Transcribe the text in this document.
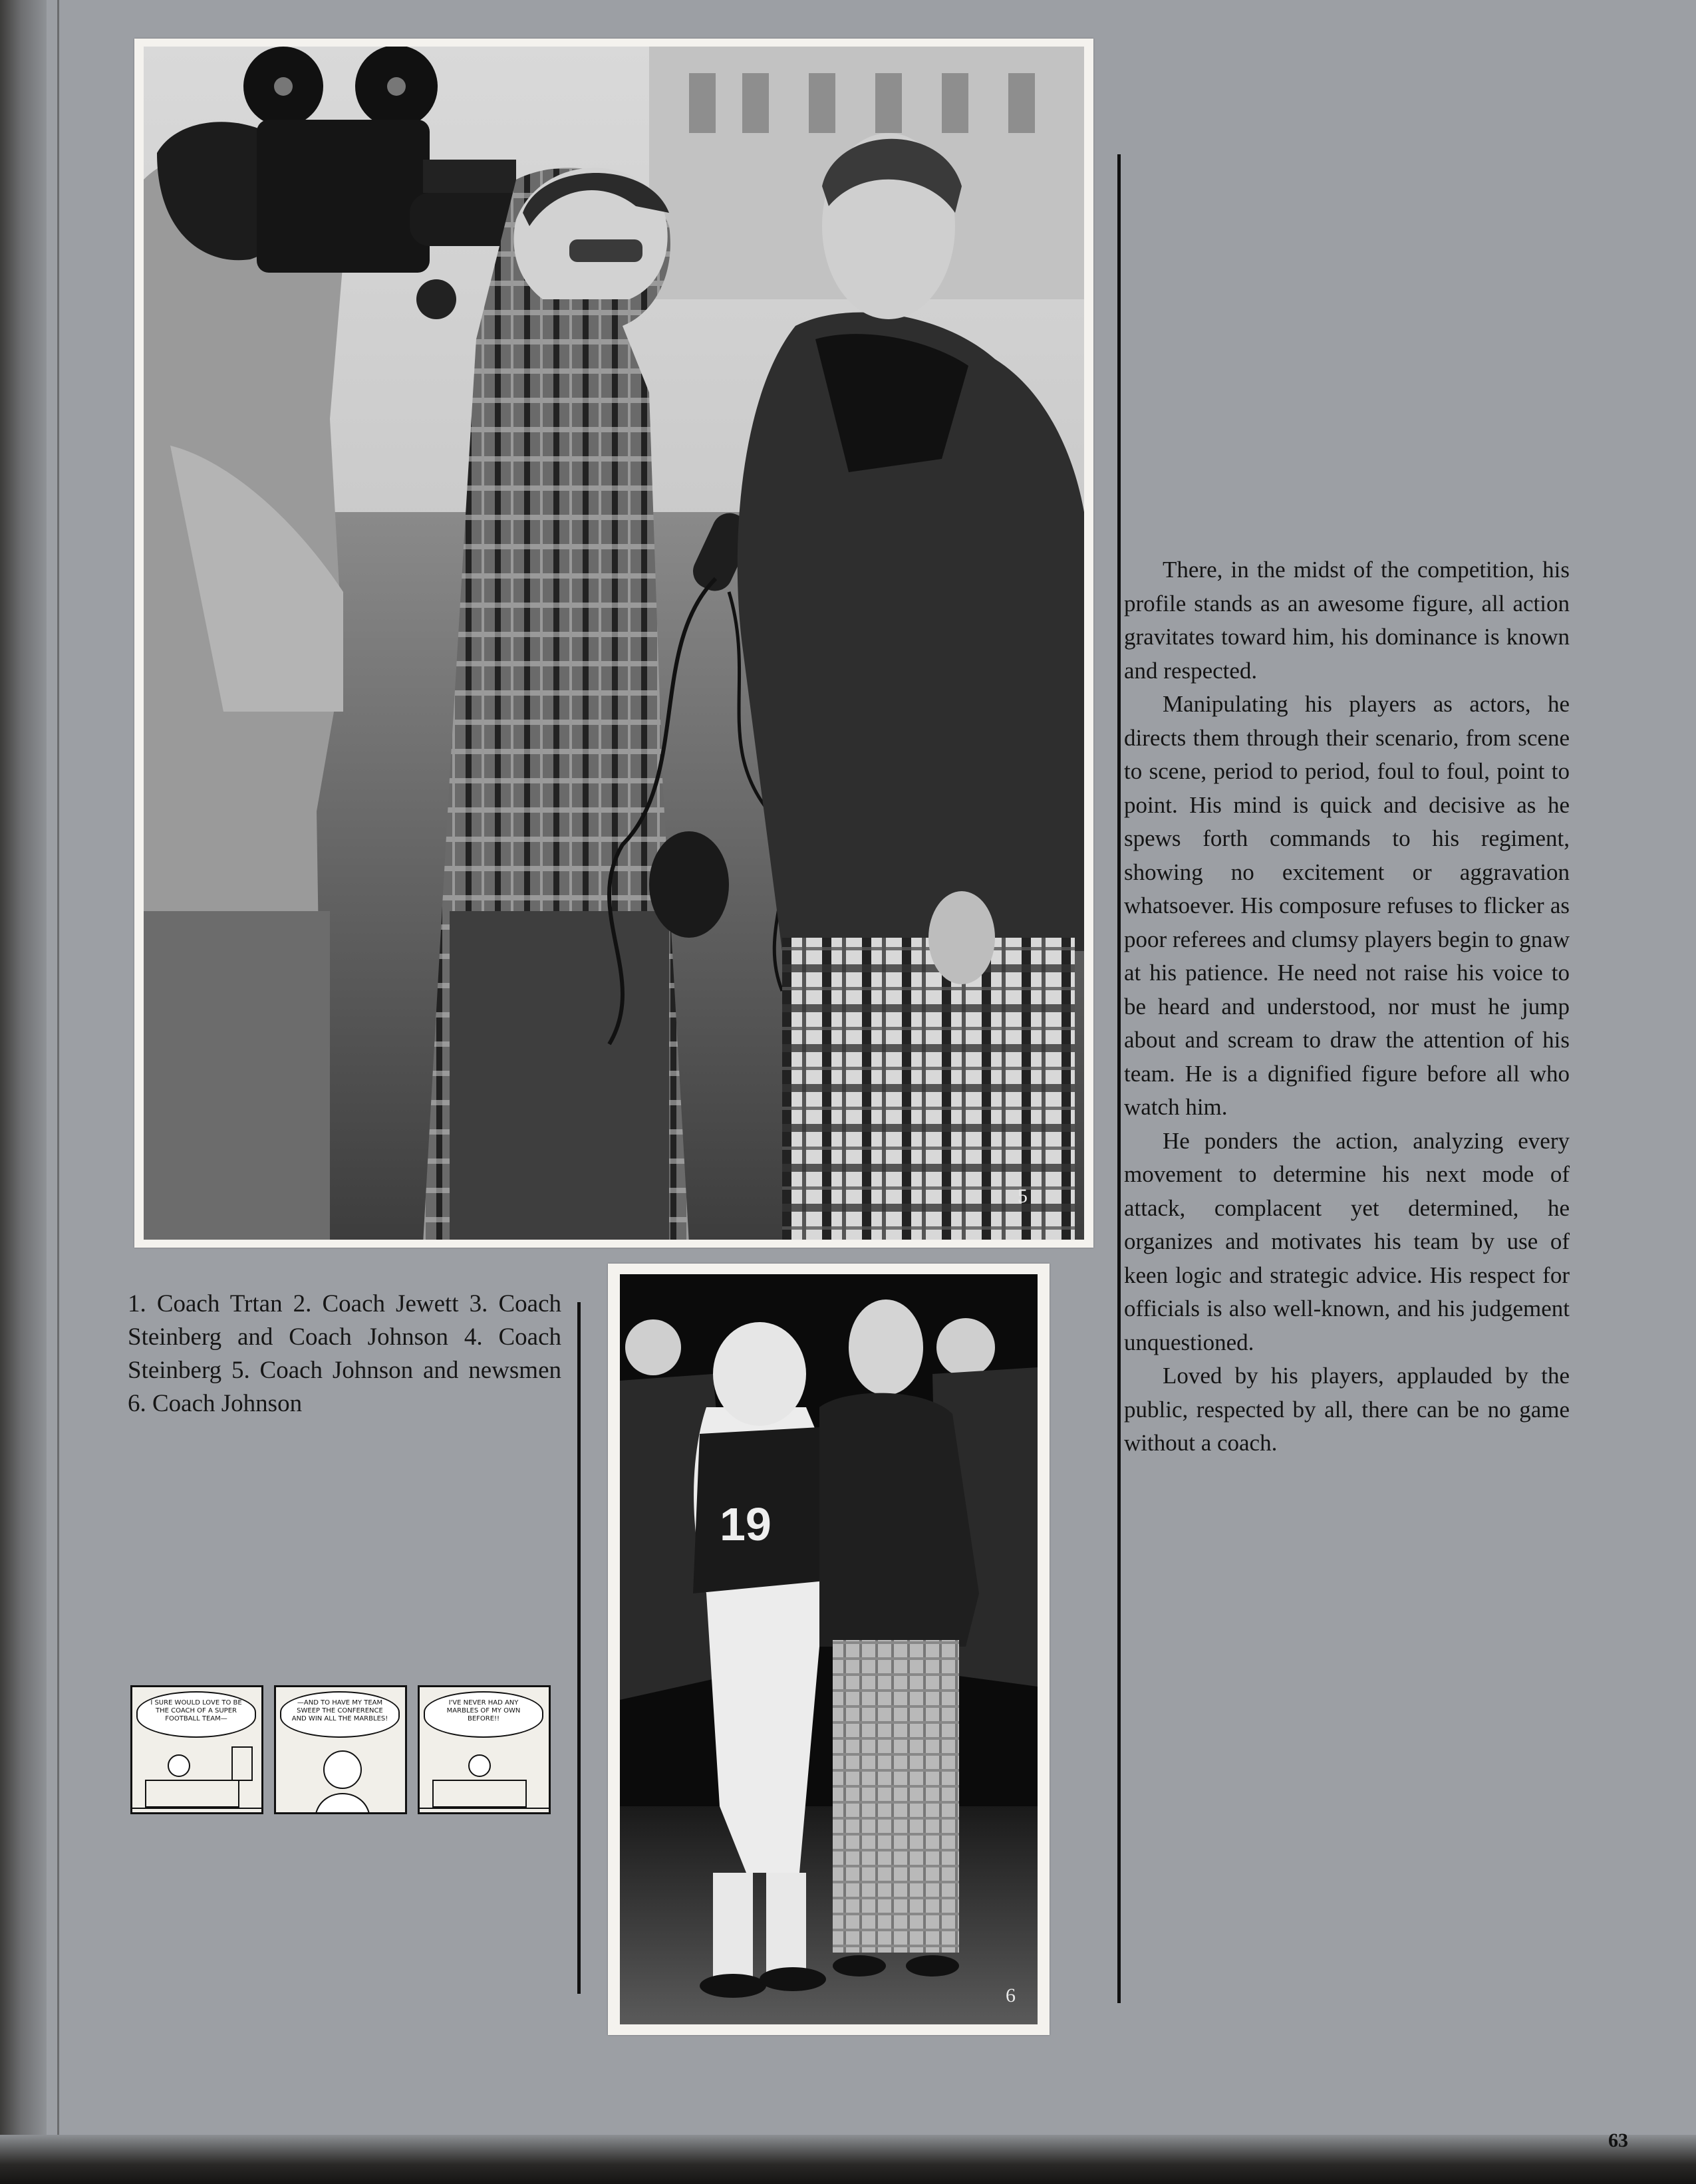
5
1. Coach Trtan 2. Coach Jewett 3. Coach Steinberg and Coach Johnson 4. Coach Steinberg 5. Coach Johnson and newsmen 6. Coach Johnson
19
6

There, in the midst of the competition, his profile stands as an awesome figure, all action gravitates toward him, his dominance is known and respected.

Manipulating his players as actors, he directs them through their scenario, from scene to scene, period to period, foul to foul, point to point. His mind is quick and decisive as he spews forth commands to his regiment, showing no excitement or aggravation whatsoever. His composure refuses to flicker as poor referees and clumsy players begin to gnaw at his patience. He need not raise his voice to be heard and understood, nor must he jump about and scream to draw the attention of his team. He is a dignified figure before all who watch him.

He ponders the action, analyzing every movement to determine his next mode of attack, complacent yet determined, he organizes and motivates his team by use of keen logic and strategic advice. His respect for officials is also well-known, and his judgement unquestioned.

Loved by his players, applauded by the public, respected by all, there can be no game without a coach.

I SURE WOULD LOVE TO BE THE COACH OF A SUPER FOOTBALL TEAM—
—AND TO HAVE MY TEAM SWEEP THE CONFERENCE AND WIN ALL THE MARBLES!
I'VE NEVER HAD ANY MARBLES OF MY OWN BEFORE!!
63
